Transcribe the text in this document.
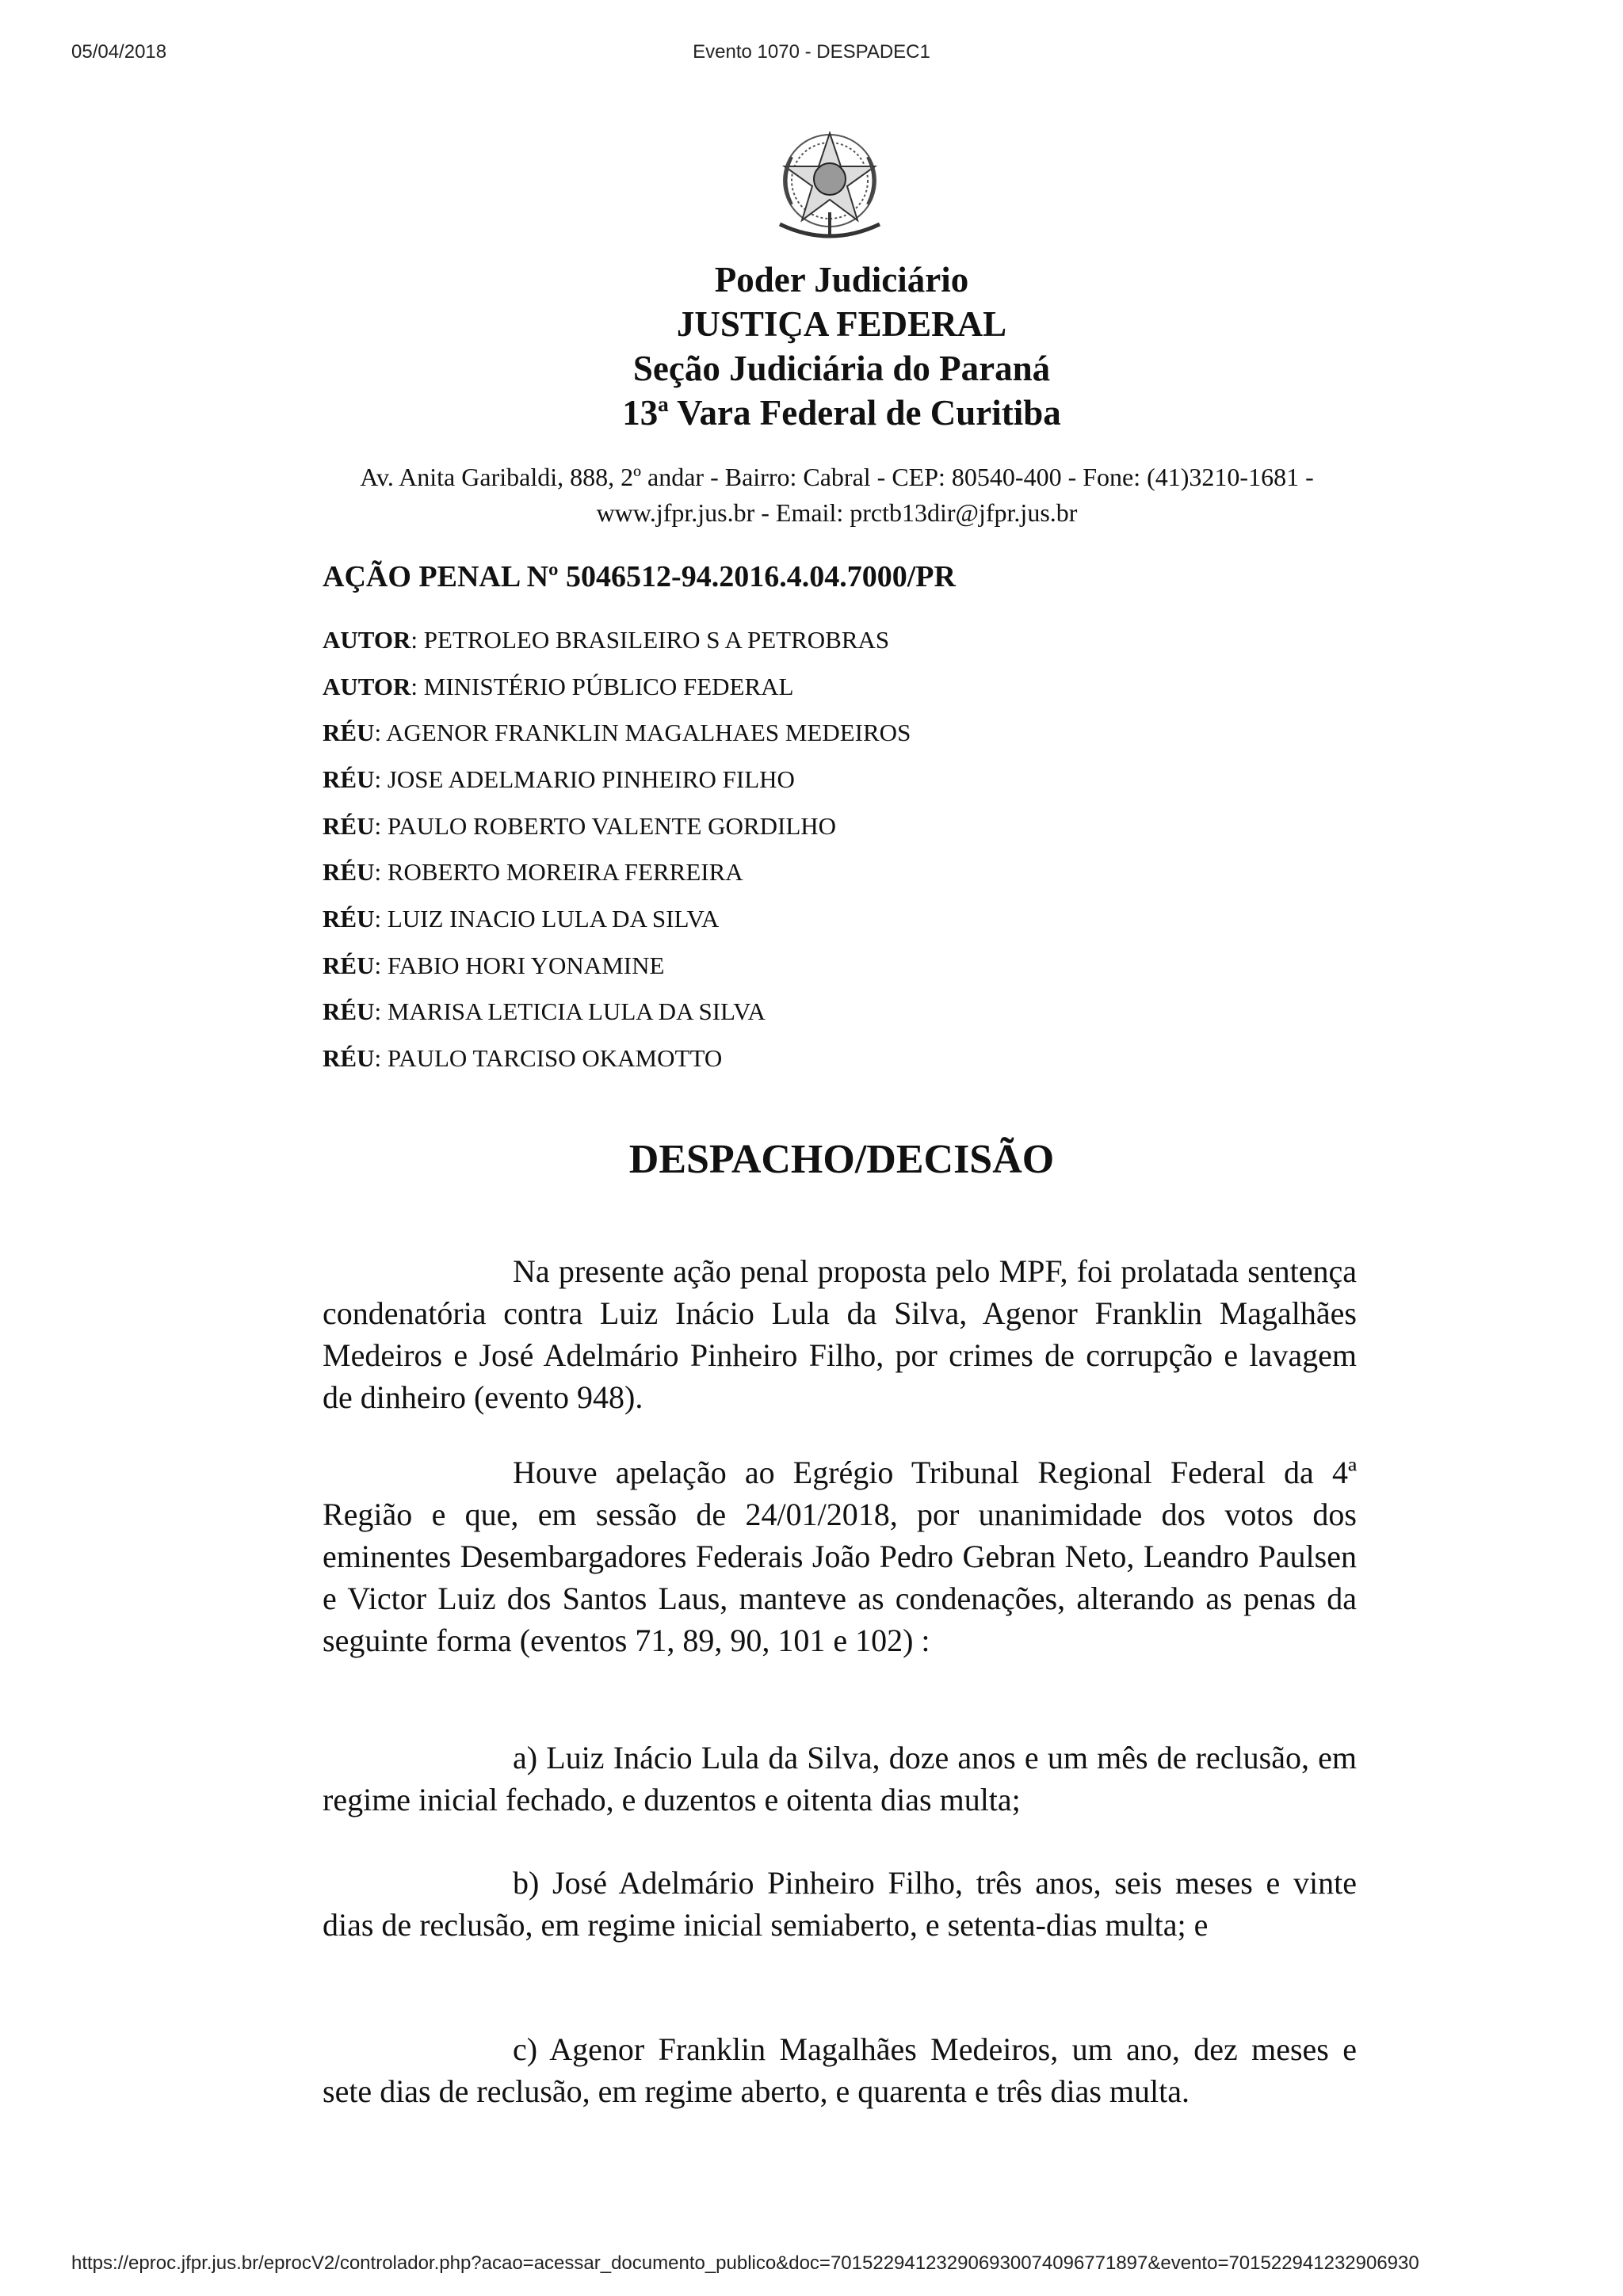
05/04/2018	Evento 1070 - DESPADEC1
Poder Judiciário
JUSTIÇA FEDERAL
Seção Judiciária do Paraná
13ª Vara Federal de Curitiba
Av. Anita Garibaldi, 888, 2º andar - Bairro: Cabral - CEP: 80540-400 - Fone: (41)3210-1681 -
www.jfpr.jus.br - Email: prctb13dir@jfpr.jus.br
AÇÃO PENAL Nº 5046512-94.2016.4.04.7000/PR
AUTOR: PETROLEO BRASILEIRO S A PETROBRAS
AUTOR: MINISTÉRIO PÚBLICO FEDERAL
RÉU: AGENOR FRANKLIN MAGALHAES MEDEIROS
RÉU: JOSE ADELMARIO PINHEIRO FILHO
RÉU: PAULO ROBERTO VALENTE GORDILHO
RÉU: ROBERTO MOREIRA FERREIRA
RÉU: LUIZ INACIO LULA DA SILVA
RÉU: FABIO HORI YONAMINE
RÉU: MARISA LETICIA LULA DA SILVA
RÉU: PAULO TARCISO OKAMOTTO
DESPACHO/DECISÃO
Na presente ação penal proposta pelo MPF, foi prolatada sentença condenatória contra Luiz Inácio Lula da Silva, Agenor Franklin Magalhães Medeiros e José Adelmário Pinheiro Filho, por crimes de corrupção e lavagem de dinheiro (evento 948).
Houve apelação ao Egrégio Tribunal Regional Federal da 4ª Região e que, em sessão de 24/01/2018, por unanimidade dos votos dos eminentes Desembargadores Federais João Pedro Gebran Neto, Leandro Paulsen e Victor Luiz dos Santos Laus, manteve as condenações, alterando as penas da seguinte forma (eventos 71, 89, 90, 101 e 102) :
a) Luiz Inácio Lula da Silva, doze anos e um mês de reclusão, em regime inicial fechado, e duzentos e oitenta dias multa;
b) José Adelmário Pinheiro Filho, três anos, seis meses e vinte dias de reclusão, em regime inicial semiaberto, e setenta-dias multa; e
c) Agenor Franklin Magalhães Medeiros, um ano, dez meses e sete dias de reclusão, em regime aberto, e quarenta e três dias multa.
https://eproc.jfpr.jus.br/eprocV2/controlador.php?acao=acessar_documento_publico&doc=701522941232906930074096771897&evento=701522941232906930
